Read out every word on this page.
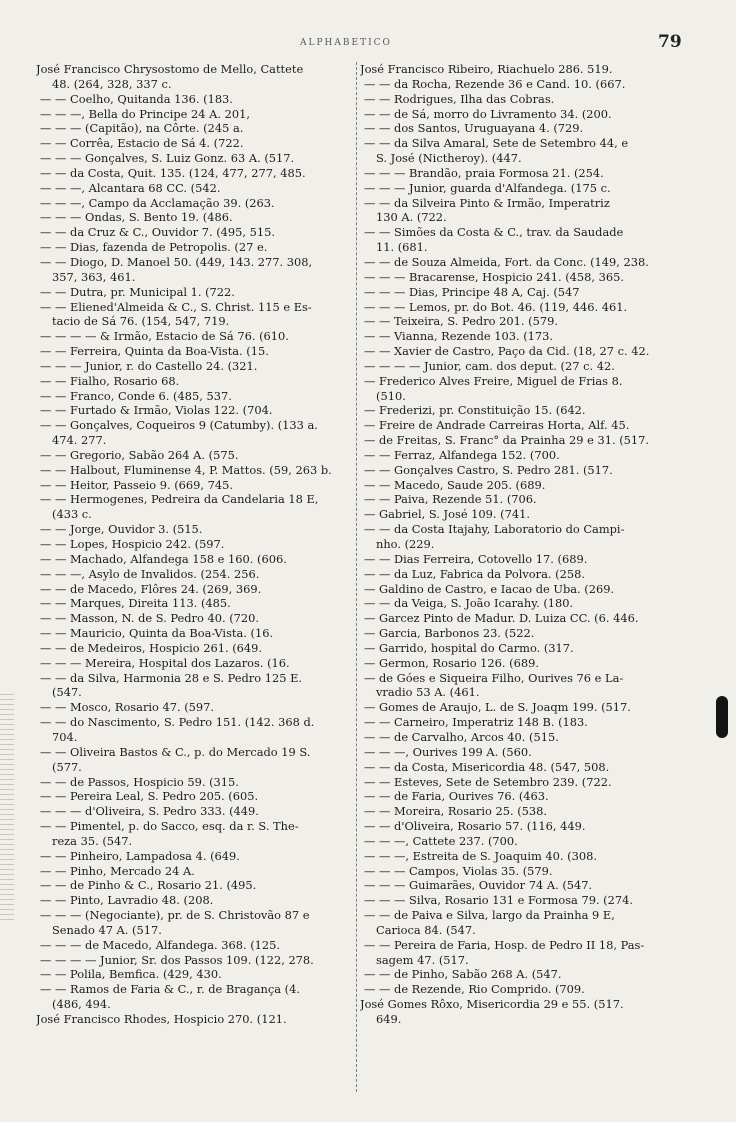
ALPHABETICO	79
José Francisco Chrysostomo de Mello, Cattete
48. (264, 328, 337 c.
— — Coelho, Quitanda 136. (183.
— — —, Bella do Principe 24 A. 201,
— — — (Capitão), na Côrte. (245 a.
— — Corrêa, Estacio de Sá 4. (722.
— — — Gonçalves, S. Luiz Gonz. 63 A. (517.
— — da Costa, Quit. 135. (124, 477, 277, 485.
— — —, Alcantara 68 CC. (542.
— — —, Campo da Acclamação 39. (263.
— — — Ondas, S. Bento 19. (486.
— — da Cruz & C., Ouvidor 7. (495, 515.
— — Dias, fazenda de Petropolis. (27 e.
— — Diogo, D. Manoel 50. (449, 143. 277. 308,
357, 363, 461.
— — Dutra, pr. Municipal 1. (722.
— — Eliened'Almeida & C., S. Christ. 115 e Es-
tacio de Sá 76. (154, 547, 719.
— — — — & Irmão, Estacio de Sá 76. (610.
— — Ferreira, Quinta da Boa-Vista. (15.
— — — Junior, r. do Castello 24. (321.
— — Fialho, Rosario 68.
— — Franco, Conde 6. (485, 537.
— — Furtado & Irmão, Violas 122. (704.
— — Gonçalves, Coqueiros 9 (Catumby). (133 a.
474. 277.
— — Gregorio, Sabão 264 A. (575.
— — Halbout, Fluminense 4, P. Mattos. (59, 263 b.
— — Heitor, Passeio 9. (669, 745.
— — Hermogenes, Pedreira da Candelaria 18 E,
(433 c.
— — Jorge, Ouvidor 3. (515.
— — Lopes, Hospicio 242. (597.
— — Machado, Alfandega 158 e 160. (606.
— — —, Asylo de Invalidos. (254. 256.
— — de Macedo, Flôres 24. (269, 369.
— — Marques, Direita 113. (485.
— — Masson, N. de S. Pedro 40. (720.
— — Mauricio, Quinta da Boa-Vista. (16.
— — de Medeiros, Hospicio 261. (649.
— — — Mereira, Hospital dos Lazaros. (16.
— — da Silva, Harmonia 28 e S. Pedro 125 E.
(547.
— — Mosco, Rosario 47. (597.
— — do Nascimento, S. Pedro 151. (142. 368 d.
704.
— — Oliveira Bastos & C., p. do Mercado 19 S.
(577.
— — de Passos, Hospicio 59. (315.
— — Pereira Leal, S. Pedro 205. (605.
— — — d'Oliveira, S. Pedro 333. (449.
— — Pimentel, p. do Sacco, esq. da r. S. The-
reza 35. (547.
— — Pinheiro, Lampadosa 4. (649.
— — Pinho, Mercado 24 A.
— — de Pinho & C., Rosario 21. (495.
— — Pinto, Lavradio 48. (208.
— — — (Negociante), pr. de S. Christovão 87 e
Senado 47 A. (517.
— — — de Macedo, Alfandega. 368. (125.
— — — — Junior, Sr. dos Passos 109. (122, 278.
— — Polila, Bemfica. (429, 430.
— — Ramos de Faria & C., r. de Bragança (4.
(486, 494.
José Francisco Rhodes, Hospicio 270. (121.
José Francisco Ribeiro, Riachuelo 286. 519.
— — da Rocha, Rezende 36 e Cand. 10. (667.
— — Rodrigues, Ilha das Cobras.
— — de Sá, morro do Livramento 34. (200.
— — dos Santos, Uruguayana 4. (729.
— — da Silva Amaral, Sete de Setembro 44, e
S. José (Nictheroy). (447.
— — — Brandão, praia Formosa 21. (254.
— — — Junior, guarda d'Alfandega. (175 c.
— — da Silveira Pinto & Irmão, Imperatriz
130 A. (722.
— — Simões da Costa & C., trav. da Saudade
11. (681.
— — de Souza Almeida, Fort. da Conc. (149, 238.
— — — Bracarense, Hospicio 241. (458, 365.
— — — Dias, Principe 48 A, Caj. (547
— — — Lemos, pr. do Bot. 46. (119, 446. 461.
— — Teixeira, S. Pedro 201. (579.
— — Vianna, Rezende 103. (173.
— — Xavier de Castro, Paço da Cid. (18, 27 c. 42.
— — — — Junior, cam. dos deput. (27 c. 42.
— Frederico Alves Freire, Miguel de Frias 8.
(510.
— Frederizi, pr. Constituição 15. (642.
— Freire de Andrade Carreiras Horta, Alf. 45.
— de Freitas, S. Franc° da Prainha 29 e 31. (517.
— — Ferraz, Alfandega 152. (700.
— — Gonçalves Castro, S. Pedro 281. (517.
— — Macedo, Saude 205. (689.
— — Paiva, Rezende 51. (706.
— Gabriel, S. José 109. (741.
— — da Costa Itajahy, Laboratorio do Campi-
nho. (229.
— — Dias Ferreira, Cotovello 17. (689.
— — da Luz, Fabrica da Polvora. (258.
— Galdino de Castro, e Iacao de Uba. (269.
— — da Veiga, S. João Icarahy. (180.
— Garcez Pinto de Madur. D. Luiza CC. (6. 446.
— Garcia, Barbonos 23. (522.
— Garrido, hospital do Carmo. (317.
— Germon, Rosario 126. (689.
— de Góes e Siqueira Filho, Ourives 76 e La-
vradio 53 A. (461.
— Gomes de Araujo, L. de S. Joaqm 199. (517.
— — Carneiro, Imperatriz 148 B. (183.
— — de Carvalho, Arcos 40. (515.
— — —, Ourives 199 A. (560.
— — da Costa, Misericordia 48. (547, 508.
— — Esteves, Sete de Setembro 239. (722.
— — de Faria, Ourives 76. (463.
— — Moreira, Rosario 25. (538.
— — d'Oliveira, Rosario 57. (116, 449.
— — —, Cattete 237. (700.
— — —, Estreita de S. Joaquim 40. (308.
— — — Campos, Violas 35. (579.
— — — Guimarães, Ouvidor 74 A. (547.
— — — Silva, Rosario 131 e Formosa 79. (274.
— — de Paiva e Silva, largo da Prainha 9 E,
Carioca 84. (547.
— — Pereira de Faria, Hosp. de Pedro II 18, Pas-
sagem 47. (517.
— — de Pinho, Sabão 268 A. (547.
— — de Rezende, Rio Comprido. (709.
José Gomes Rôxo, Misericordia 29 e 55. (517.
649.
